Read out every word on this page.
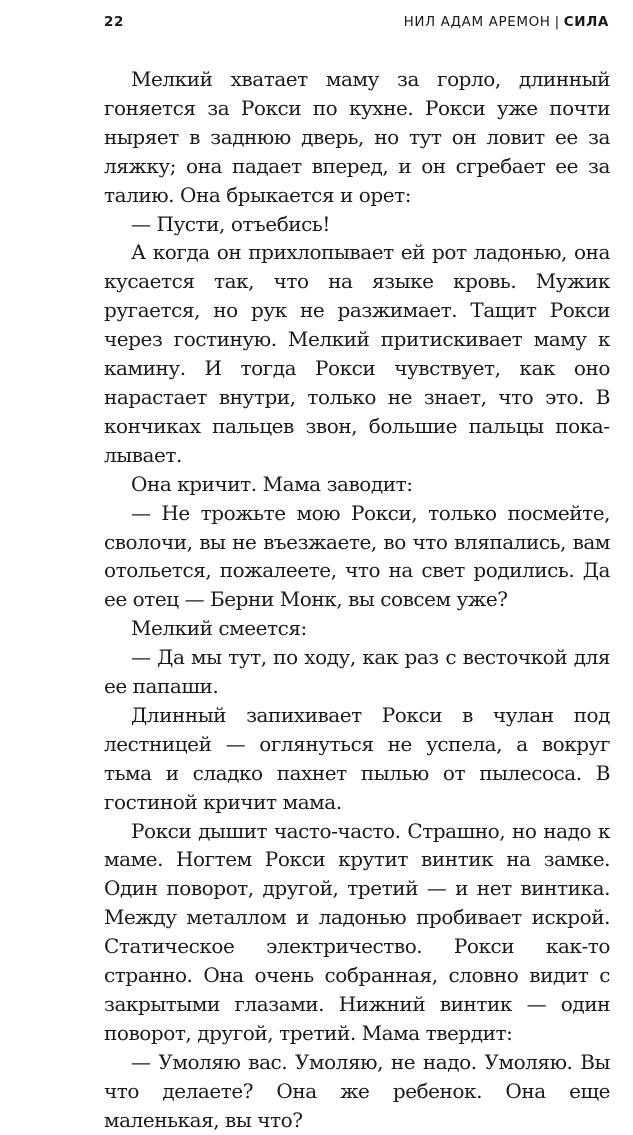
22	НИЛ АДАМ АРЕМОН | СИЛА

Мелкий хватает маму за горло, длинный гоняется за Рокси по кухне. Рокси уже почти ныряет в заднюю дверь, но тут он ловит ее за ляжку; она падает вперед, и он сгребает ее за талию. Она брыкается и орет:

— Пусти, отъебись!

А когда он прихлопывает ей рот ладонью, она кусается так, что на языке кровь. Мужик ругается, но рук не разжимает. Тащит Рокси через гостиную. Мелкий притискивает маму к камину. И тогда Рокси чувствует, как оно нарастает внутри, только не знает, что это. В кончиках пальцев звон, большие пальцы покалывает.

Она кричит. Мама заводит:

— Не трожьте мою Рокси, только посмейте, сволочи, вы не въезжаете, во что вляпались, вам отольется, пожалеете, что на свет родились. Да ее отец — Берни Монк, вы совсем уже?

Мелкий смеется:

— Да мы тут, по ходу, как раз с весточкой для ее папаши.

Длинный запихивает Рокси в чулан под лестницей — оглянуться не успела, а вокруг тьма и сладко пахнет пылью от пылесоса. В гостиной кричит мама.

Рокси дышит часто-часто. Страшно, но надо к маме. Ногтем Рокси крутит винтик на замке. Один поворот, другой, третий — и нет винтика. Между металлом и ладонью пробивает искрой. Статическое электричество. Рокси как-то странно. Она очень собранная, словно видит с закрытыми глазами. Нижний винтик — один поворот, другой, третий. Мама твердит:

— Умоляю вас. Умоляю, не надо. Умоляю. Вы что делаете? Она же ребенок. Она еще маленькая, вы что?
